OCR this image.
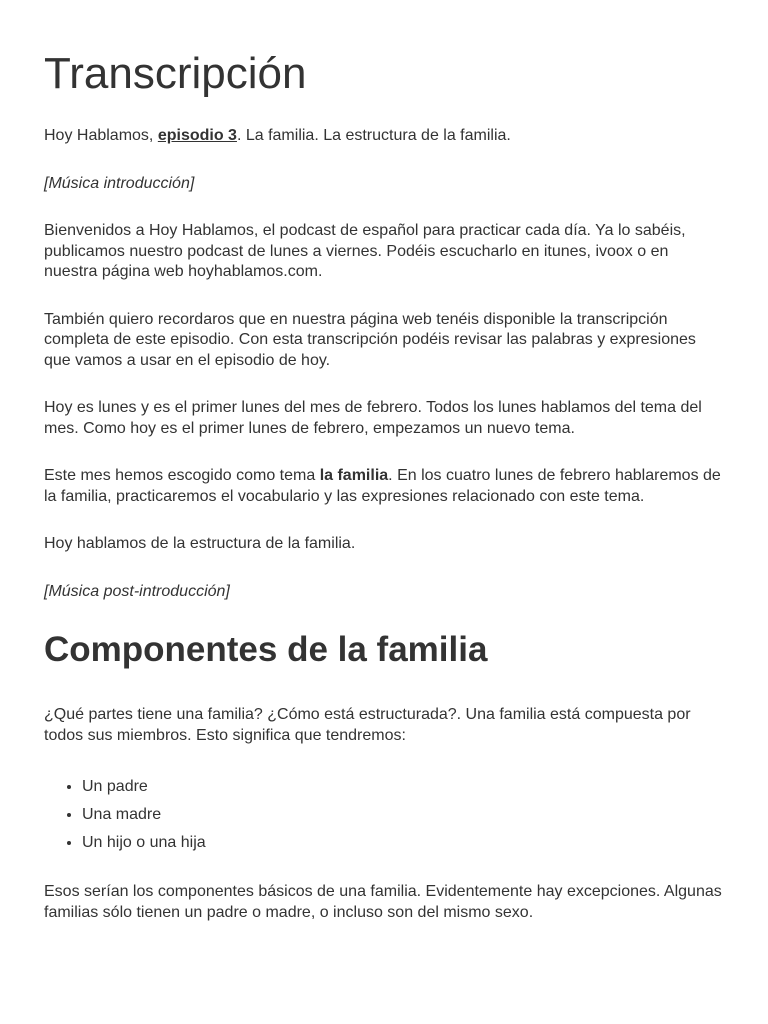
Transcripción

Hoy Hablamos, episodio 3. La familia. La estructura de la familia.

[Música introducción]

Bienvenidos a Hoy Hablamos, el podcast de español para practicar cada día. Ya lo sabéis, publicamos nuestro podcast de lunes a viernes. Podéis escucharlo en itunes, ivoox o en nuestra página web hoyhablamos.com.

También quiero recordaros que en nuestra página web tenéis disponible la transcripción completa de este episodio. Con esta transcripción podéis revisar las palabras y expresiones que vamos a usar en el episodio de hoy.

Hoy es lunes y es el primer lunes del mes de febrero. Todos los lunes hablamos del tema del mes. Como hoy es el primer lunes de febrero, empezamos un nuevo tema.

Este mes hemos escogido como tema la familia. En los cuatro lunes de febrero hablaremos de la familia, practicaremos el vocabulario y las expresiones relacionado con este tema.

Hoy hablamos de la estructura de la familia.

[Música post-introducción]

Componentes de la familia

¿Qué partes tiene una familia? ¿Cómo está estructurada?. Una familia está compuesta por todos sus miembros. Esto significa que tendremos:

• Un padre
• Una madre
• Un hijo o una hija

Esos serían los componentes básicos de una familia. Evidentemente hay excepciones. Algunas familias sólo tienen un padre o madre, o incluso son del mismo sexo.
